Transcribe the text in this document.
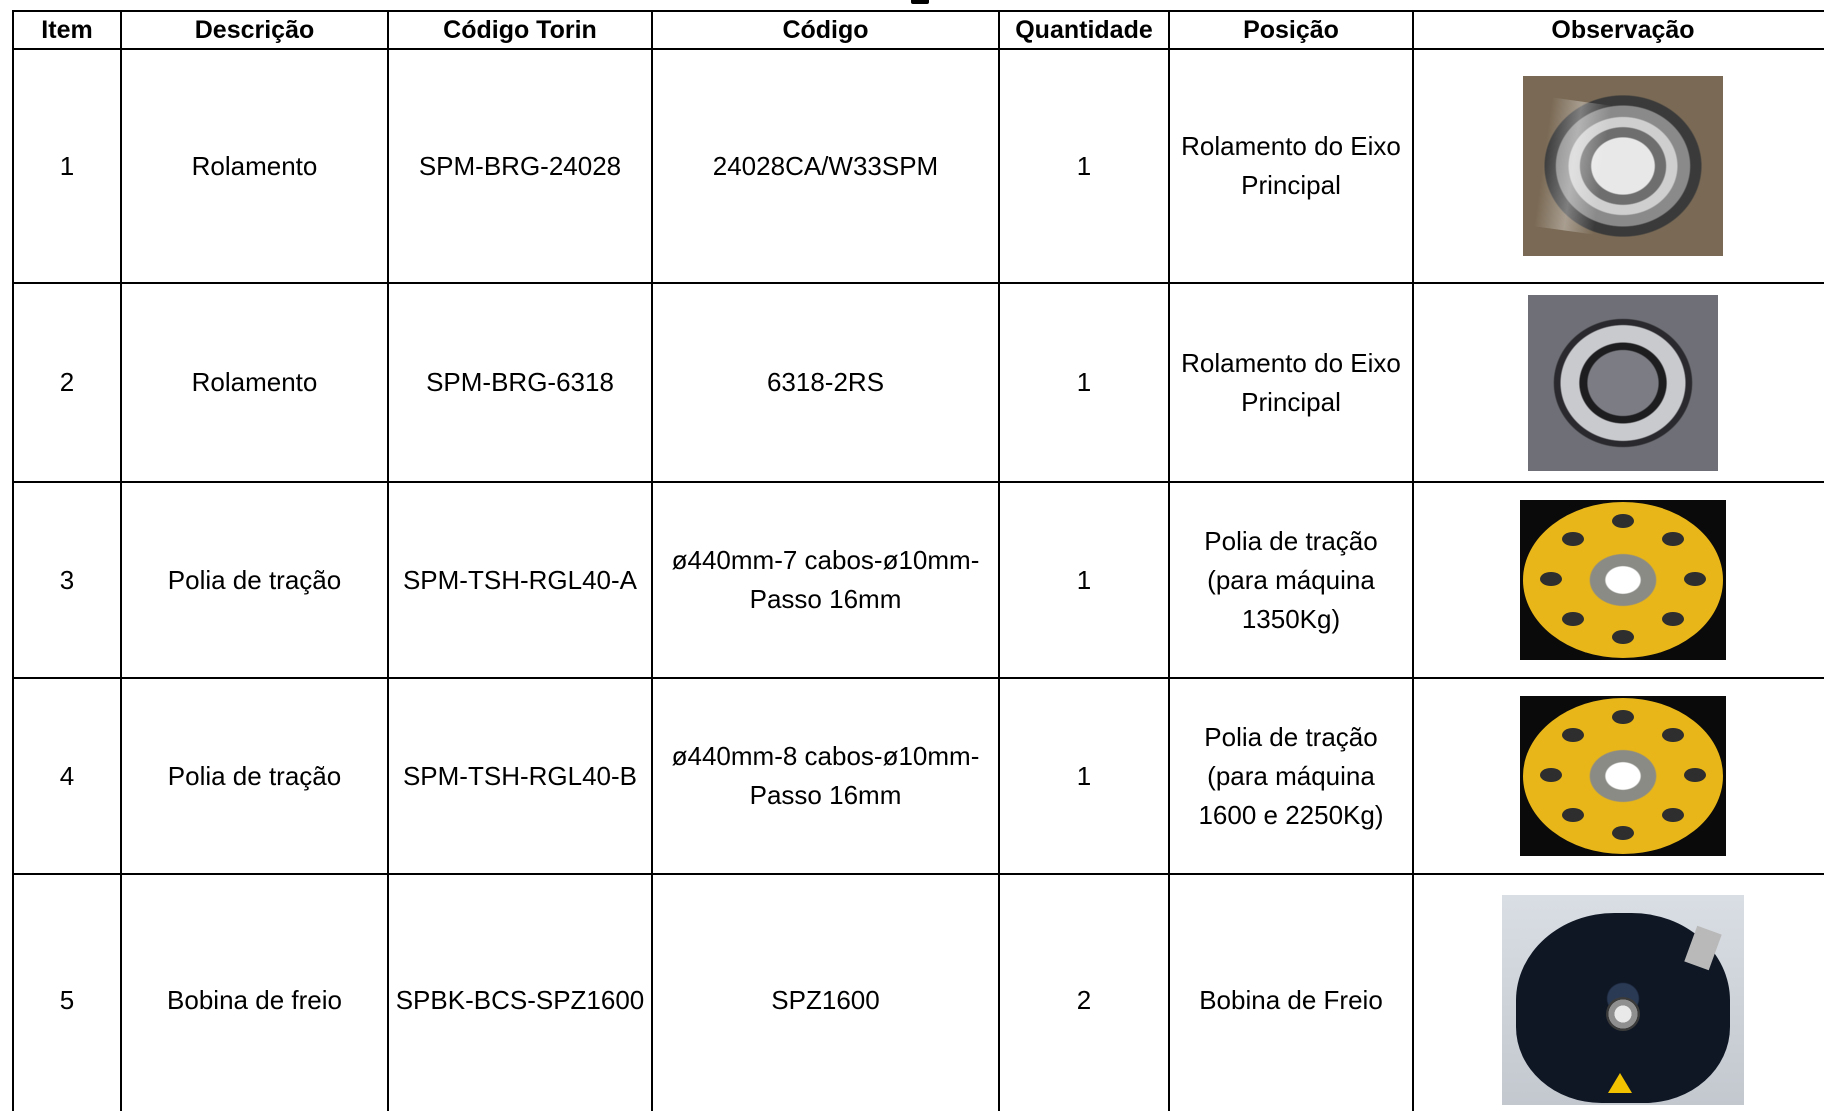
Item	Descrição	Código Torin	Código	Quantidade	Posição	Observação
1	Rolamento	SPM-BRG-24028	24028CA/W33SPM	1	Rolamento do Eixo Principal	

2	Rolamento	SPM-BRG-6318	6318-2RS	1	Rolamento do Eixo Principal	
3	Polia de tração	SPM-TSH-RGL40-A	ø440mm-7 cabos-ø10mm-Passo 16mm	1	Polia de tração (para máquina 1350Kg)	

4	Polia de tração	SPM-TSH-RGL40-B	ø440mm-8 cabos-ø10mm-Passo 16mm	1	Polia de tração (para máquina 1600 e 2250Kg)	

5	Bobina de freio	SPBK-BCS-SPZ1600	SPZ1600	2	Bobina de Freio	
